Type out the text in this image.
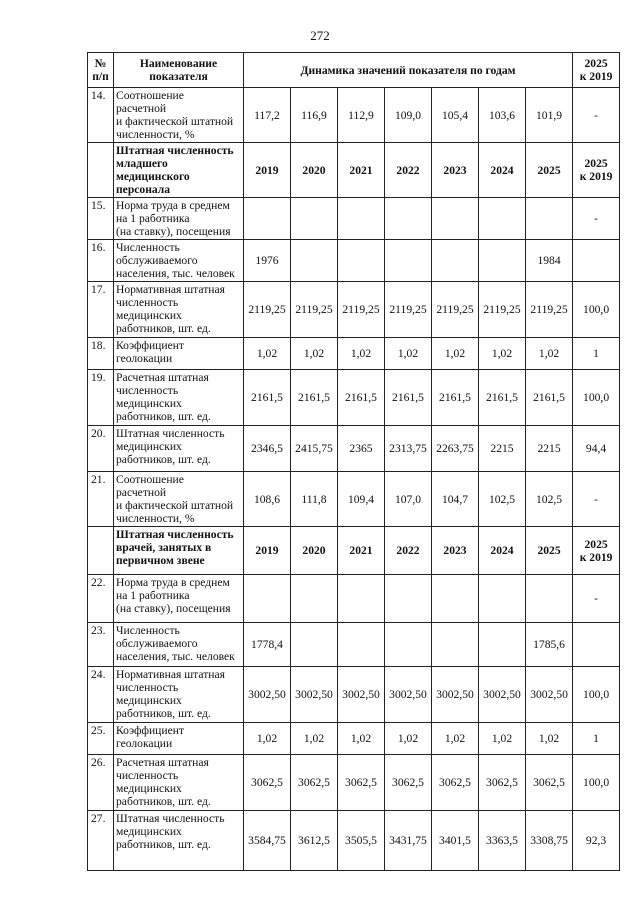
272
№
п/п	Наименование
показателя	Динамика значений показателя по годам							2025
к 2019
14.	Соотношение
расчетной
и фактической штатной
численности, %	117,2	116,9	112,9	109,0	105,4	103,6	101,9	-
	Штатная численность
младшего
медицинского
персонала	2019	2020	2021	2022	2023	2024	2025	2025
к 2019
15.	Норма труда в среднем
на 1 работника
(на ставку), посещения								-
16.	Численность
обслуживаемого
населения, тыс. человек	1976						1984	
17.	Нормативная штатная
численность
медицинских
работников, шт. ед.	2119,25	2119,25	2119,25	2119,25	2119,25	2119,25	2119,25	100,0
18.	Коэффициент
геолокации	1,02	1,02	1,02	1,02	1,02	1,02	1,02	1
19.	Расчетная штатная
численность
медицинских
работников, шт. ед.	2161,5	2161,5	2161,5	2161,5	2161,5	2161,5	2161,5	100,0
20.	Штатная численность
медицинских
работников, шт. ед.	2346,5	2415,75	2365	2313,75	2263,75	2215	2215	94,4
21.	Соотношение
расчетной
и фактической штатной
численности, %	108,6	111,8	109,4	107,0	104,7	102,5	102,5	-
	Штатная численность
врачей, занятых в
первичном звене	2019	2020	2021	2022	2023	2024	2025	2025
к 2019
22.	Норма труда в среднем
на 1 работника
(на ставку), посещения								-
23.	Численность
обслуживаемого
населения, тыс. человек	1778,4						1785,6	
24.	Нормативная штатная
численность
медицинских
работников, шт. ед.	3002,50	3002,50	3002,50	3002,50	3002,50	3002,50	3002,50	100,0
25.	Коэффициент
геолокации	1,02	1,02	1,02	1,02	1,02	1,02	1,02	1
26.	Расчетная штатная
численность
медицинских
работников, шт. ед.	3062,5	3062,5	3062,5	3062,5	3062,5	3062,5	3062,5	100,0
27.	Штатная численность
медицинских
работников, шт. ед.	3584,75	3612,5	3505,5	3431,75	3401,5	3363,5	3308,75	92,3
